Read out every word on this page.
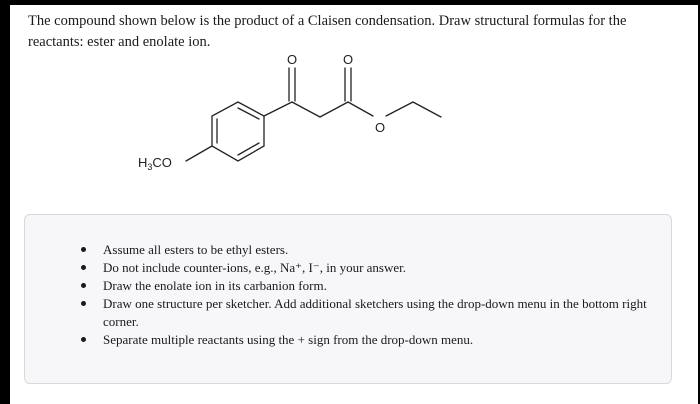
The compound shown below is the product of a Claisen condensation. Draw structural formulas for the reactants: ester and enolate ion.
O	O
O
$H_3CO$
Assume all esters to be ethyl esters.
Do not include counter-ions, e.g., Na⁺, I⁻, in your answer.
Draw the enolate ion in its carbanion form.
Draw one structure per sketcher. Add additional sketchers using the drop-down menu in the bottom right corner.
Separate multiple reactants using the + sign from the drop-down menu.
